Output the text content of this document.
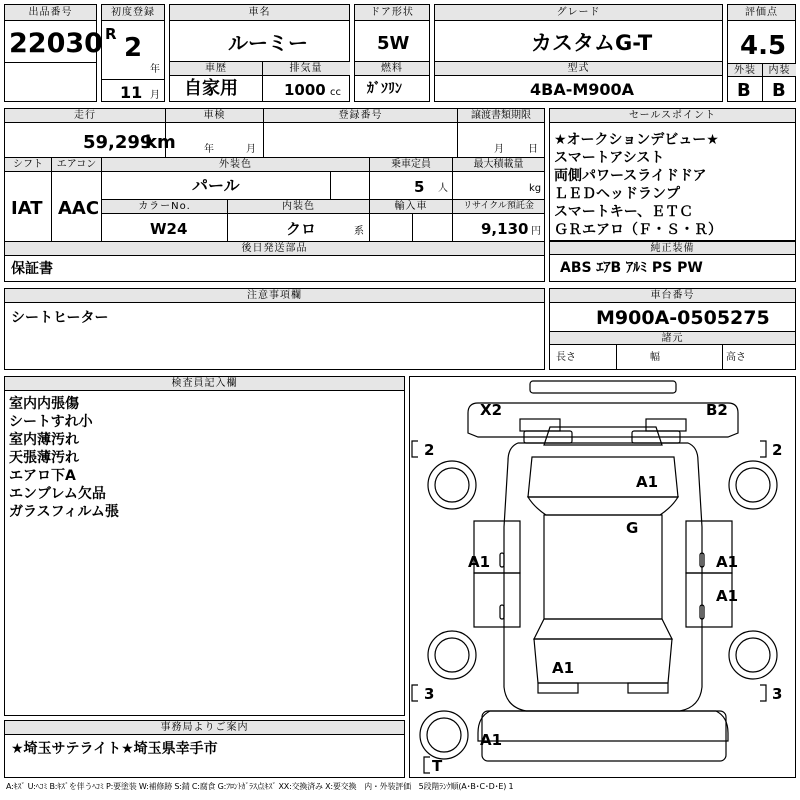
出品番号
22030
初度登録
R 2
年
11 月
車名
ルーミー
車歴	排気量
自家用	1000 cc
ドア形状
5W
燃料
ｶﾞｿﾘﾝ
グレード
カスタムG-T
型式
4BA-M900A
評価点
4.5
外装	内装
B B
走行
59,299
km
車検
年	月
登録番号	譲渡書類期限
月 日
シフト
IAT
エアコン
AAC
外装色
パール
乗車定員
5 人
最大積載量
kg
カラーNo.
W24
内装色
クロ	系
輸入車	リサイクル預託金
9,130 円
後日発送部品
保証書
セールスポイント
★オークションデビュー★
スマートアシスト
両側パワースライドドア
ＬＥＤヘッドランプ
スマートキー、ＥＴＣ
ＧＲエアロ（Ｆ・Ｓ・Ｒ）
純正装備
ABS ｴｱB ｱﾙﾐ PS PW
注意事項欄
シートヒーター
車台番号
M900A-0505275
諸元
長さ	幅	高さ
検査員記入欄
室内内張傷
シートすれ小
室内薄汚れ
天張薄汚れ
エアロ下A
エンブレム欠品
ガラスフィルム張
事務局よりご案内
★埼玉サテライト★埼玉県幸手市
X2	B2
A1
G
A1	A1
A1
A1
A1
2	2
3	3
T
A:ｷｽﾞ U:ﾍｺﾐ B:ｷｽﾞを伴うﾍｺﾐ P:要塗装 W:補修跡 S:錆 C:腐食 G:ﾌﾛﾝﾄｶﾞﾗｽ点ｷｽﾞ XX:交換済み X:要交換　内・外装評価　5段階ﾗﾝｸ順(A･B･C･D･E) 1
